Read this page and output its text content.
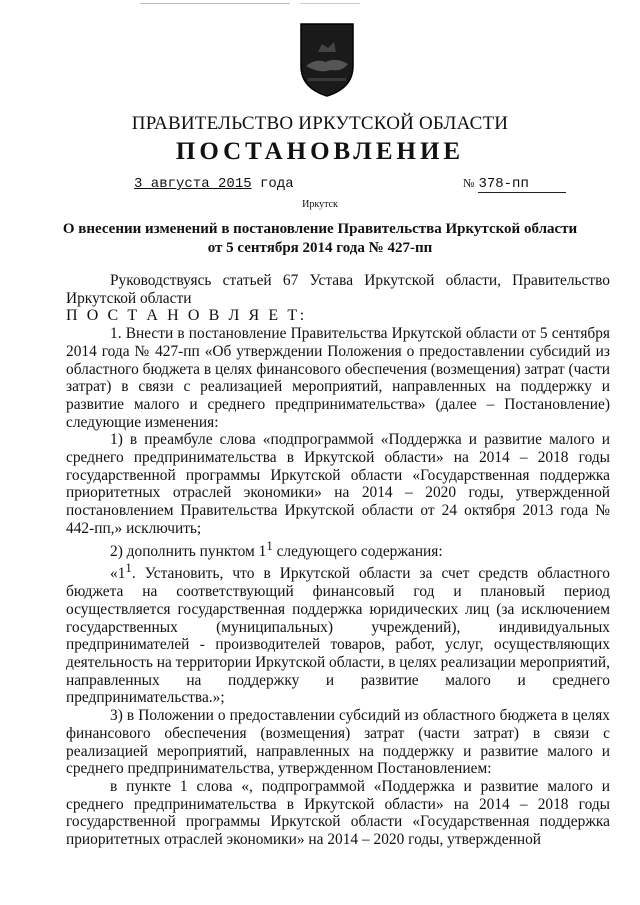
ПРАВИТЕЛЬСТВО ИРКУТСКОЙ ОБЛАСТИ
ПОСТАНОВЛЕНИЕ
3 августа 2015 года	№ 378-пп
Иркутск
О внесении изменений в постановление Правительства Иркутской области
от 5 сентября 2014 года № 427-пп

Руководствуясь статьей 67 Устава Иркутской области, Правительство Иркутской области

П О С Т А Н О В Л Я Е Т:

1. Внести в постановление Правительства Иркутской области от 5 сентября 2014 года № 427-пп «Об утверждении Положения о предоставлении субсидий из областного бюджета в целях финансового обеспечения (возмещения) затрат (части затрат) в связи с реализацией мероприятий, направленных на поддержку и развитие малого и среднего предпринимательства» (далее – Постановление) следующие изменения:

1) в преамбуле слова «подпрограммой «Поддержка и развитие малого и среднего предпринимательства в Иркутской области» на 2014 – 2018 годы государственной программы Иркутской области «Государственная поддержка приоритетных отраслей экономики» на 2014 – 2020 годы, утвержденной постановлением Правительства Иркутской области от 24 октября 2013 года № 442-пп,» исключить;

2) дополнить пунктом $1^1$ следующего содержания:

«$1^1$. Установить, что в Иркутской области за счет средств областного бюджета на соответствующий финансовый год и плановый период осуществляется государственная поддержка юридических лиц (за исключением государственных (муниципальных) учреждений), индивидуальных предпринимателей - производителей товаров, работ, услуг, осуществляющих деятельность на территории Иркутской области, в целях реализации мероприятий, направленных на поддержку и развитие малого и среднего предпринимательства.»;

3) в Положении о предоставлении субсидий из областного бюджета в целях финансового обеспечения (возмещения) затрат (части затрат) в связи с реализацией мероприятий, направленных на поддержку и развитие малого и среднего предпринимательства, утвержденном Постановлением:

в пункте 1 слова «, подпрограммой «Поддержка и развитие малого и среднего предпринимательства в Иркутской области» на 2014 – 2018 годы государственной программы Иркутской области «Государственная поддержка приоритетных отраслей экономики» на 2014 – 2020 годы, утвержденной
